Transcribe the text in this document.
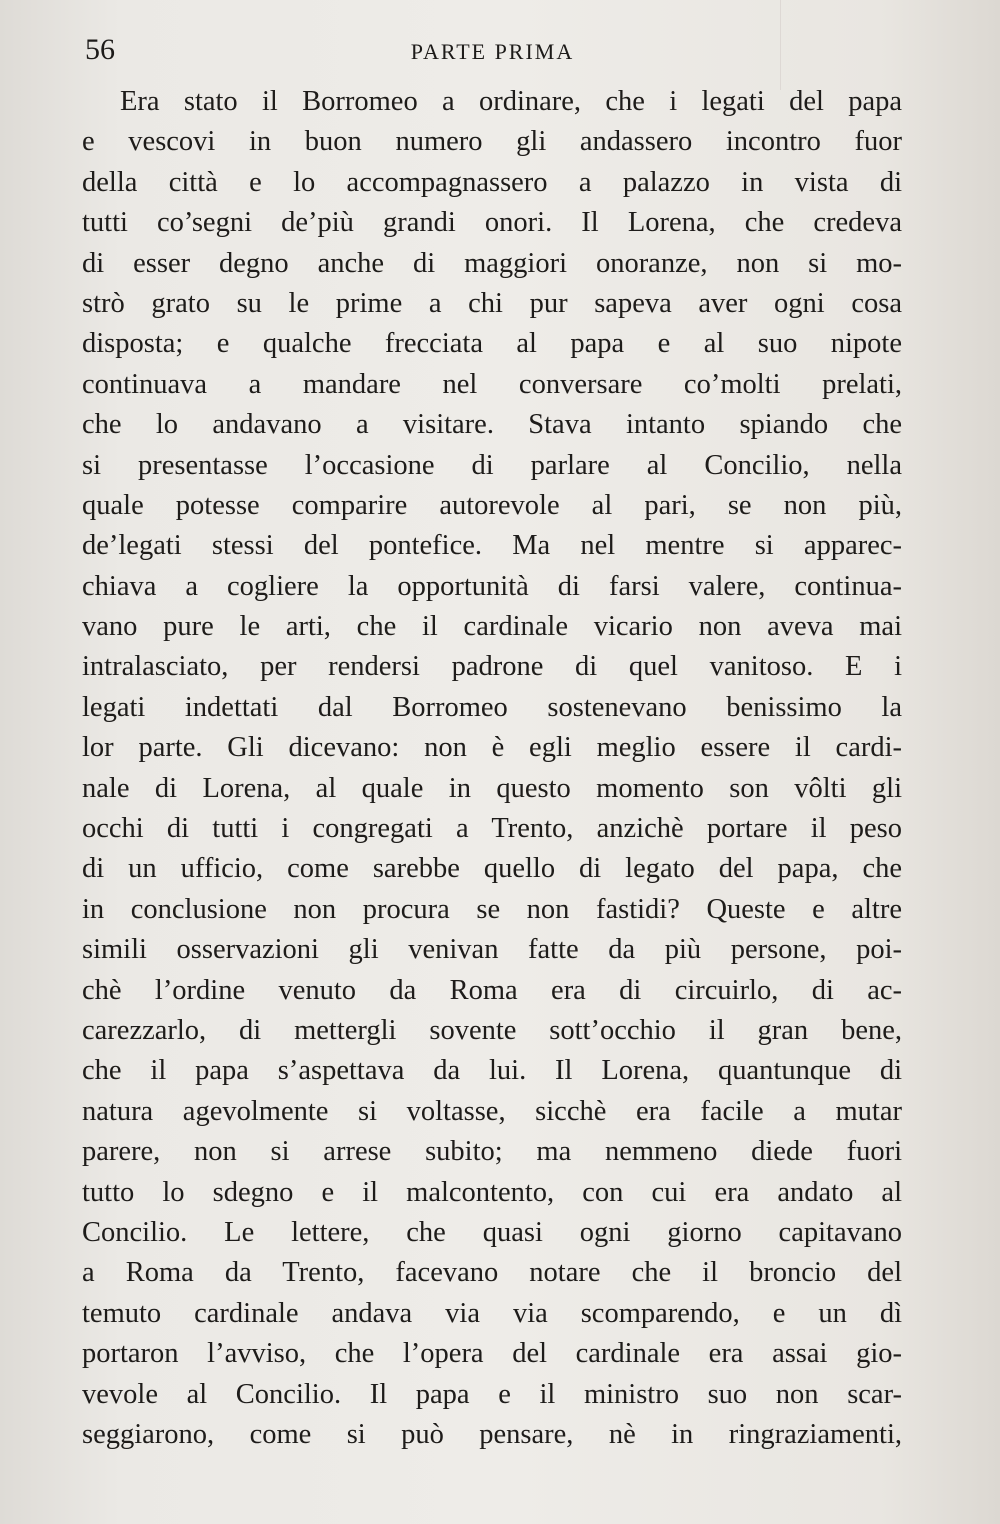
56	PARTE PRIMA
Era stato il Borromeo a ordinare, che i legati del papa
e vescovi in buon numero gli andassero incontro fuor
della città e lo accompagnassero a palazzo in vista di
tutti co’segni de’più grandi onori. Il Lorena, che credeva
di esser degno anche di maggiori onoranze, non si mo-
strò grato su le prime a chi pur sapeva aver ogni cosa
disposta; e qualche frecciata al papa e al suo nipote
continuava a mandare nel conversare co’molti prelati,
che lo andavano a visitare. Stava intanto spiando che
si presentasse l’occasione di parlare al Concilio, nella
quale potesse comparire autorevole al pari, se non più,
de’legati stessi del pontefice. Ma nel mentre si apparec-
chiava a cogliere la opportunità di farsi valere, continua-
vano pure le arti, che il cardinale vicario non aveva mai
intralasciato, per rendersi padrone di quel vanitoso. E i
legati indettati dal Borromeo sostenevano benissimo la
lor parte. Gli dicevano: non è egli meglio essere il cardi-
nale di Lorena, al quale in questo momento son vôlti gli
occhi di tutti i congregati a Trento, anzichè portare il peso
di un ufficio, come sarebbe quello di legato del papa, che
in conclusione non procura se non fastidi? Queste e altre
simili osservazioni gli venivan fatte da più persone, poi-
chè l’ordine venuto da Roma era di circuirlo, di ac-
carezzarlo, di mettergli sovente sott’occhio il gran bene,
che il papa s’aspettava da lui. Il Lorena, quantunque di
natura agevolmente si voltasse, sicchè era facile a mutar
parere, non si arrese subito; ma nemmeno diede fuori
tutto lo sdegno e il malcontento, con cui era andato al
Concilio. Le lettere, che quasi ogni giorno capitavano
a Roma da Trento, facevano notare che il broncio del
temuto cardinale andava via via scomparendo, e un dì
portaron l’avviso, che l’opera del cardinale era assai gio-
vevole al Concilio. Il papa e il ministro suo non scar-
seggiarono, come si può pensare, nè in ringraziamenti,
